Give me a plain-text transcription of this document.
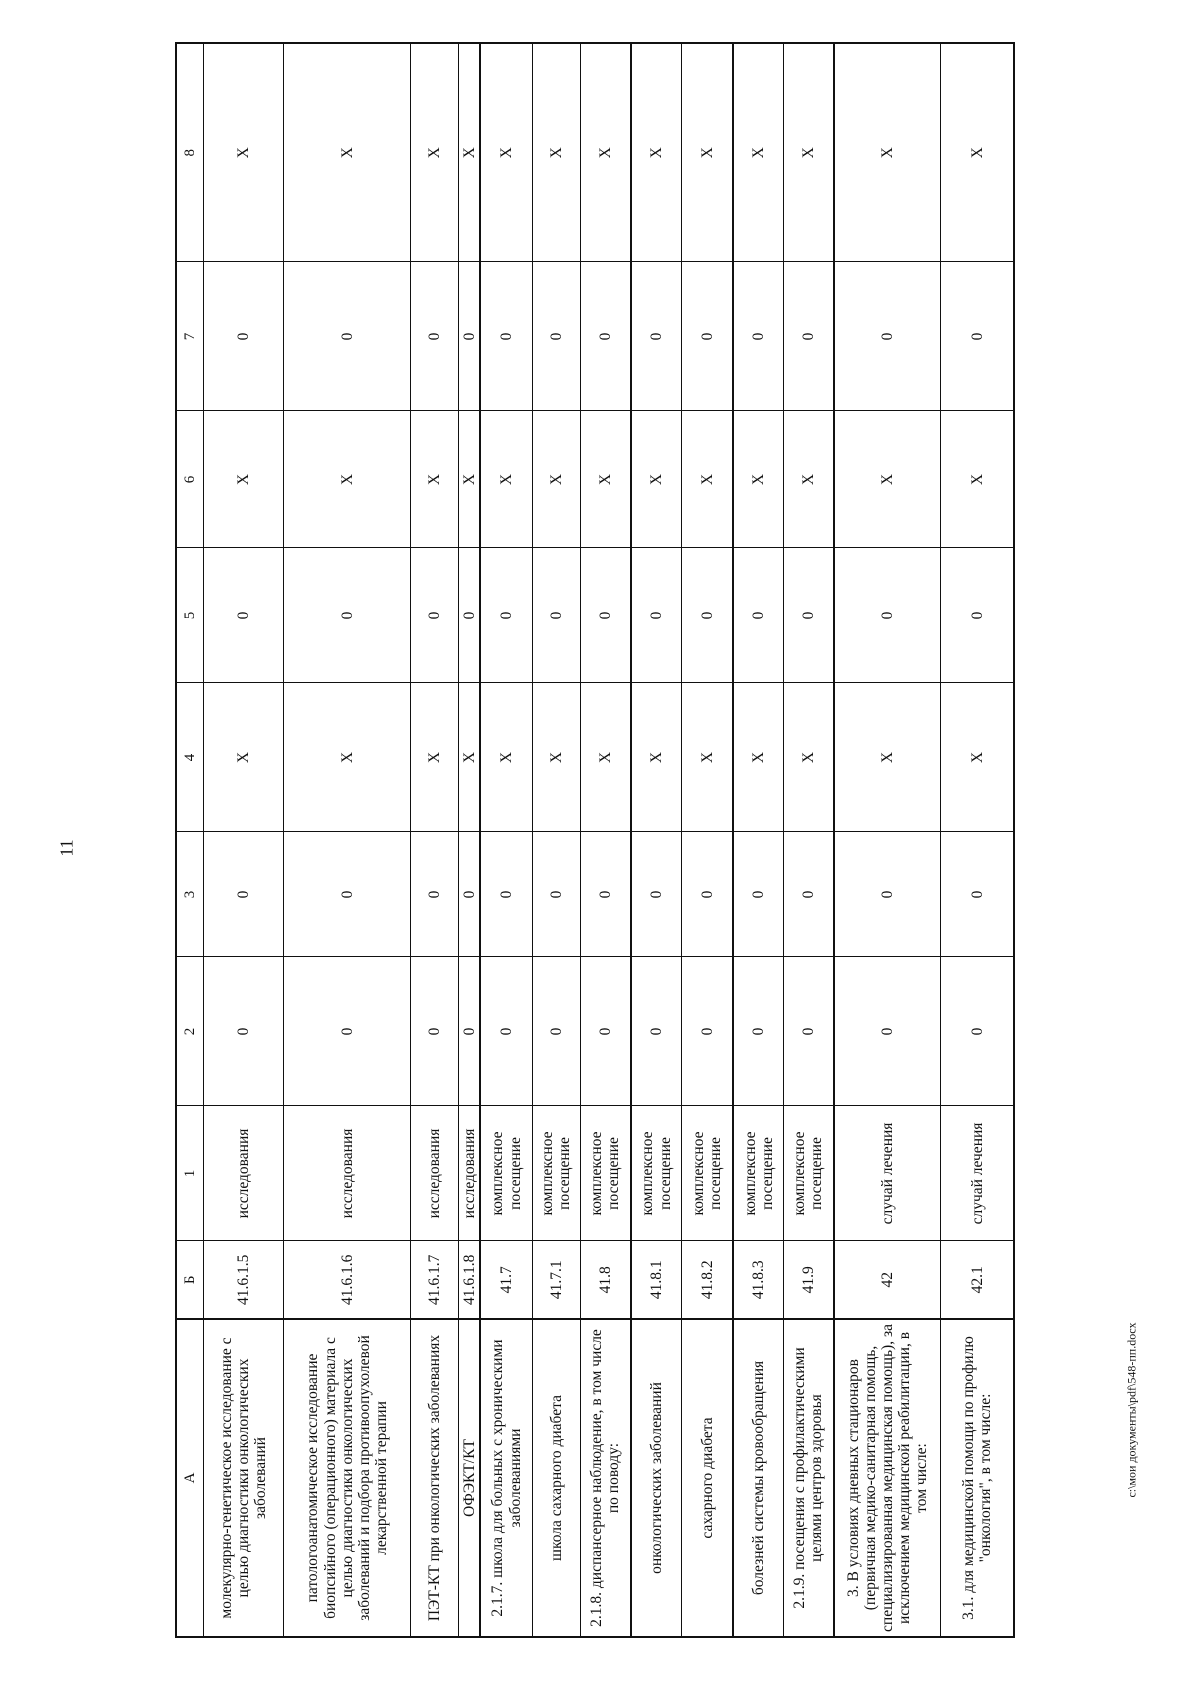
11
А	Б	1	2	3	4	5	6	7	8
молекулярно-генетическое исследование с целью диагностики онкологических заболеваний	41.6.1.5	исследования	0	0	X	0	X	0	X
патологоанатомическое исследование биопсийного (операционного) материала с целью диагностики онкологических заболеваний и подбора противоопухолевой лекарственной терапии	41.6.1.6	исследования	0	0	X	0	X	0	X
ПЭТ-КТ при онкологических заболеваниях	41.6.1.7	исследования	0	0	X	0	X	0	X
ОФЭКТ/КТ	41.6.1.8	исследования	0	0	X	0	X	0	X
2.1.7. школа для больных с хроническими заболеваниями	41.7	комплексное посещение	0	0	X	0	X	0	X
школа сахарного диабета	41.7.1	комплексное посещение	0	0	X	0	X	0	X
2.1.8. диспансерное наблюдение, в том числе по поводу:	41.8	комплексное посещение	0	0	X	0	X	0	X
онкологических заболеваний	41.8.1	комплексное посещение	0	0	X	0	X	0	X
сахарного диабета	41.8.2	комплексное посещение	0	0	X	0	X	0	X
болезней системы кровообращения	41.8.3	комплексное посещение	0	0	X	0	X	0	X
2.1.9. посещения с профилактическими целями центров здоровья	41.9	комплексное посещение	0	0	X	0	X	0	X
3. В условиях дневных стационаров (первичная медико-санитарная помощь, специализированная медицинская помощь), за исключением медицинской реабилитации, в том числе:	42	случай лечения	0	0	X	0	X	0	X
3.1. для медицинской помощи по профилю "онкология", в том числе:	42.1	случай лечения	0	0	X	0	X	0	X
c:\мои документы\pdf\548-пп.docx
